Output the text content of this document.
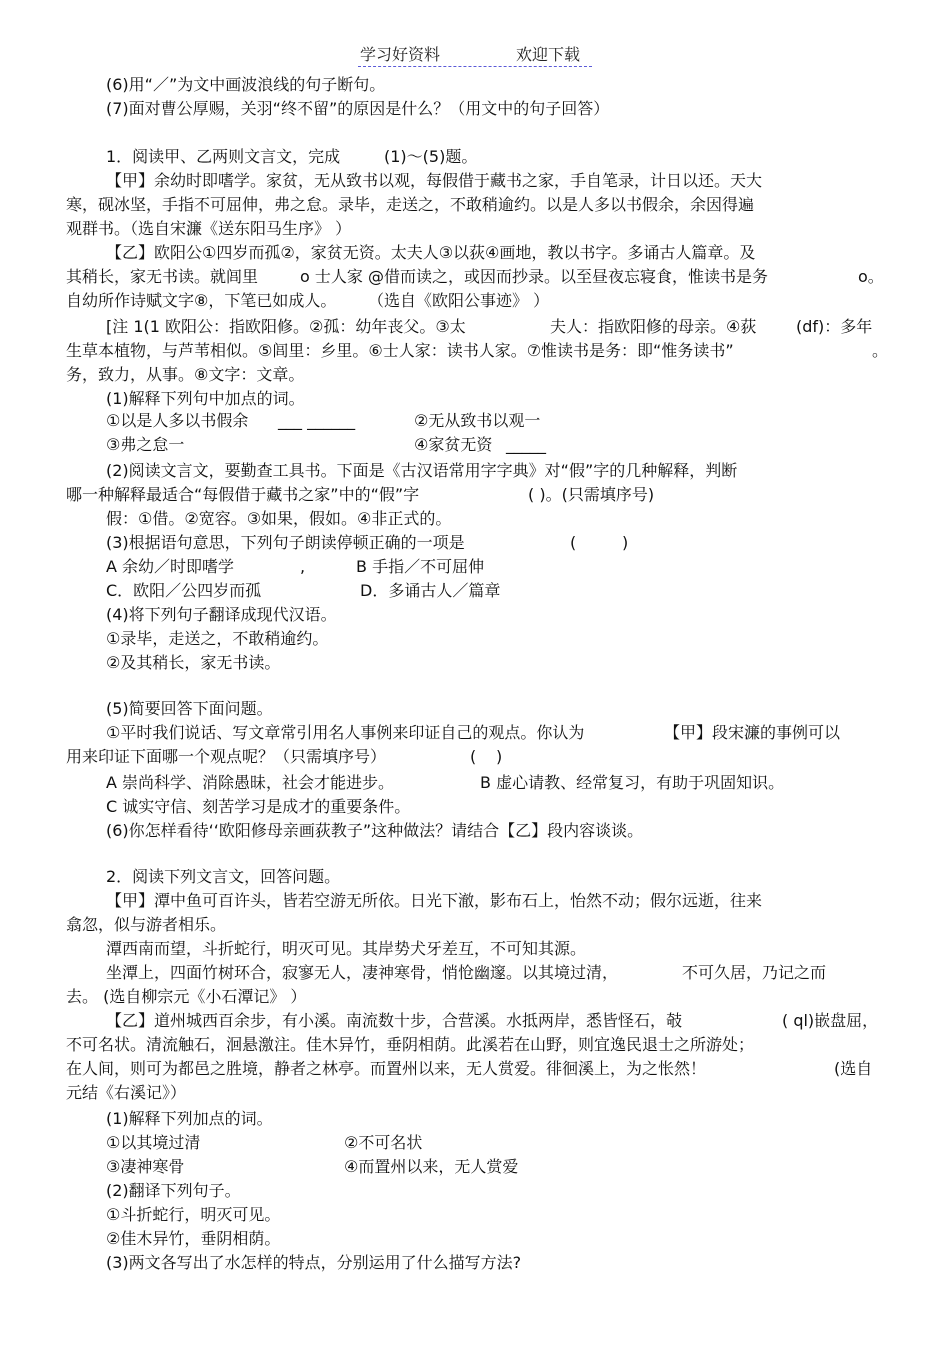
学习好资料	欢迎下载
(6)用“／”为文中画波浪线的句子断句。
(7)面对曹公厚赐，关羽“终不留”的原因是什么？（用文中的句子回答）
1．阅读甲、乙两则文言文，完成	(1)～(5)题。
【甲】余幼时即嗜学。家贫，无从致书以观，每假借于藏书之家，手自笔录，计日以还。天大
寒，砚冰坚，手指不可屈伸，弗之怠。录毕，走送之，不敢稍逾约。以是人多以书假余，余因得遍
观群书。（选自宋濂《送东阳马生序》 ）
【乙】欧阳公①四岁而孤②，家贫无资。太夫人③以荻④画地，教以书字。多诵古人篇章。及
其稍长，家无书读。就闾里	o 士人家 @借而读之，或因而抄录。以至昼夜忘寝食，惟读书是务	o。
自幼所作诗赋文字⑧，下笔已如成人。 （选自《欧阳公事迹》 ）
[注 1(1 欧阳公：指欧阳修。②孤：幼年丧父。③太	夫人：指欧阳修的母亲。④荻 (df)：多年
生草本植物，与芦苇相似。⑤闾里：乡里。⑥士人家：读书人家。⑦惟读书是务：即“惟务读书”	。
务，致力，从事。⑧文字：文章。
(1)解释下列句中加点的词。
①以是人多以书假余 ___ ______	②无从致书以观一
③弗之怠一	④家贫无资 _____
(2)阅读文言文，要勤查工具书。下面是《古汉语常用字字典》对“假”字的几种解释，判断
哪一种解释最适合“每假借于藏书之家”中的“假”字	( )。(只需填序号)
假：①借。②宽容。③如果，假如。④非正式的。
(3)根据语句意思，下列句子朗读停顿正确的一项是	(	)
A 余幼／时即嗜学	,	B 手指／不可屈伸
C．欧阳／公四岁而孤	D．多诵古人／篇章
(4)将下列句子翻译成现代汉语。
①录毕，走送之，不敢稍逾约。
②及其稍长，家无书读。
(5)简要回答下面问题。
①平时我们说话、写文章常引用名人事例来印证自己的观点。你认为	【甲】段宋濂的事例可以
用来印证下面哪一个观点呢？（只需填序号）	( )
A 崇尚科学、消除愚昧，社会才能进步。	B 虚心请教、经常复习，有助于巩固知识。
C 诚实守信、刻苦学习是成才的重要条件。
(6)你怎样看待‘‘欧阳修母亲画荻教子”这种做法？请结合【乙】段内容谈谈。
2．阅读下列文言文，回答问题。
【甲】潭中鱼可百许头，皆若空游无所依。日光下澈，影布石上，怡然不动；假尔远逝，往来
翕忽，似与游者相乐。
潭西南而望，斗折蛇行，明灭可见。其岸势犬牙差互，不可知其源。
坐潭上，四面竹树环合，寂寥无人，凄神寒骨，悄怆幽邃。以其境过清，	不可久居，乃记之而
去。 (选自柳宗元《小石潭记》 ）
【乙】道州城西百余步，有小溪。南流数十步，合营溪。水抵两岸，悉皆怪石，攲	( ql)嵌盘屈，
不可名状。清流触石，洄悬激注。佳木异竹，垂阴相荫。此溪若在山野，则宜逸民退士之所游处；
在人间，则可为都邑之胜境，静者之林亭。而置州以来，无人赏爱。徘徊溪上，为之怅然！	(选自
元结《右溪记》）
(1)解释下列加点的词。
①以其境过清	②不可名状
③凄神寒骨	④而置州以来，无人赏爱
(2)翻译下列句子。
①斗折蛇行，明灭可见。
②佳木异竹，垂阴相荫。
(3)两文各写出了水怎样的特点，分别运用了什么描写方法?
